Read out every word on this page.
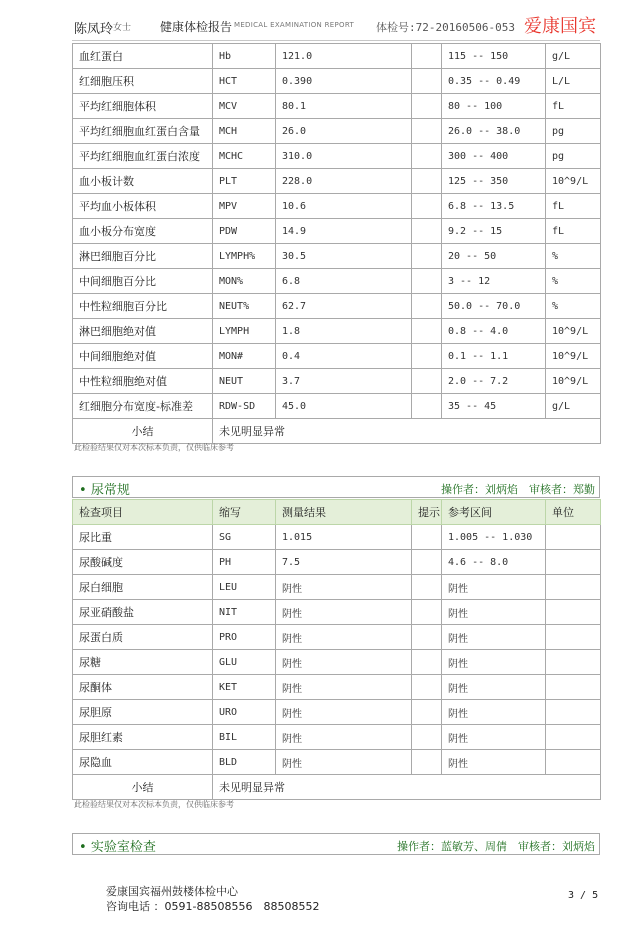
陈凤玲 女士 健康体检报告 MEDICAL EXAMINATION REPORT 体检号:72-20160506-053 爱康国宾
血红蛋白	Hb	121.0		115 -- 150	g/L
红细胞压积	HCT	0.390		0.35 -- 0.49	L/L
平均红细胞体积	MCV	80.1		80 -- 100	fL
平均红细胞血红蛋白含量	MCH	26.0		26.0 -- 38.0	pg
平均红细胞血红蛋白浓度	MCHC	310.0		300 -- 400	pg
血小板计数	PLT	228.0		125 -- 350	10^9/L
平均血小板体积	MPV	10.6		6.8 -- 13.5	fL
血小板分布宽度	PDW	14.9		9.2 -- 15	fL
淋巴细胞百分比	LYMPH%	30.5		20 -- 50	%
中间细胞百分比	MON%	6.8		3 -- 12	%
中性粒细胞百分比	NEUT%	62.7		50.0 -- 70.0	%
淋巴细胞绝对值	LYMPH	1.8		0.8 -- 4.0	10^9/L
中间细胞绝对值	MON#	0.4		0.1 -- 1.1	10^9/L
中性粒细胞绝对值	NEUT	3.7		2.0 -- 7.2	10^9/L
红细胞分布宽度-标准差	RDW-SD	45.0		35 -- 45	g/L
小结	未见明显异常				
此检验结果仅对本次标本负责，仅供临床参考
• 尿常规	操作者：刘炳焰　审核者：郑勤
检查项目	缩写	测量结果	提示	参考区间	单位
尿比重	SG	1.015		1.005 -- 1.030	
尿酸碱度	PH	7.5		4.6 -- 8.0	
尿白细胞	LEU	阴性		阴性	
尿亚硝酸盐	NIT	阴性		阴性	
尿蛋白质	PRO	阴性		阴性	
尿糖	GLU	阴性		阴性	
尿酮体	KET	阴性		阴性	
尿胆原	URO	阴性		阴性	
尿胆红素	BIL	阴性		阴性	
尿隐血	BLD	阴性		阴性	
小结	未见明显异常				
此检验结果仅对本次标本负责，仅供临床参考
• 实验室检查	操作者：蓝敏芳、周倩　审核者：刘炳焰
爱康国宾福州鼓楼体检中心
咨询电话 ：0591-88508556　88508552
3 / 5
